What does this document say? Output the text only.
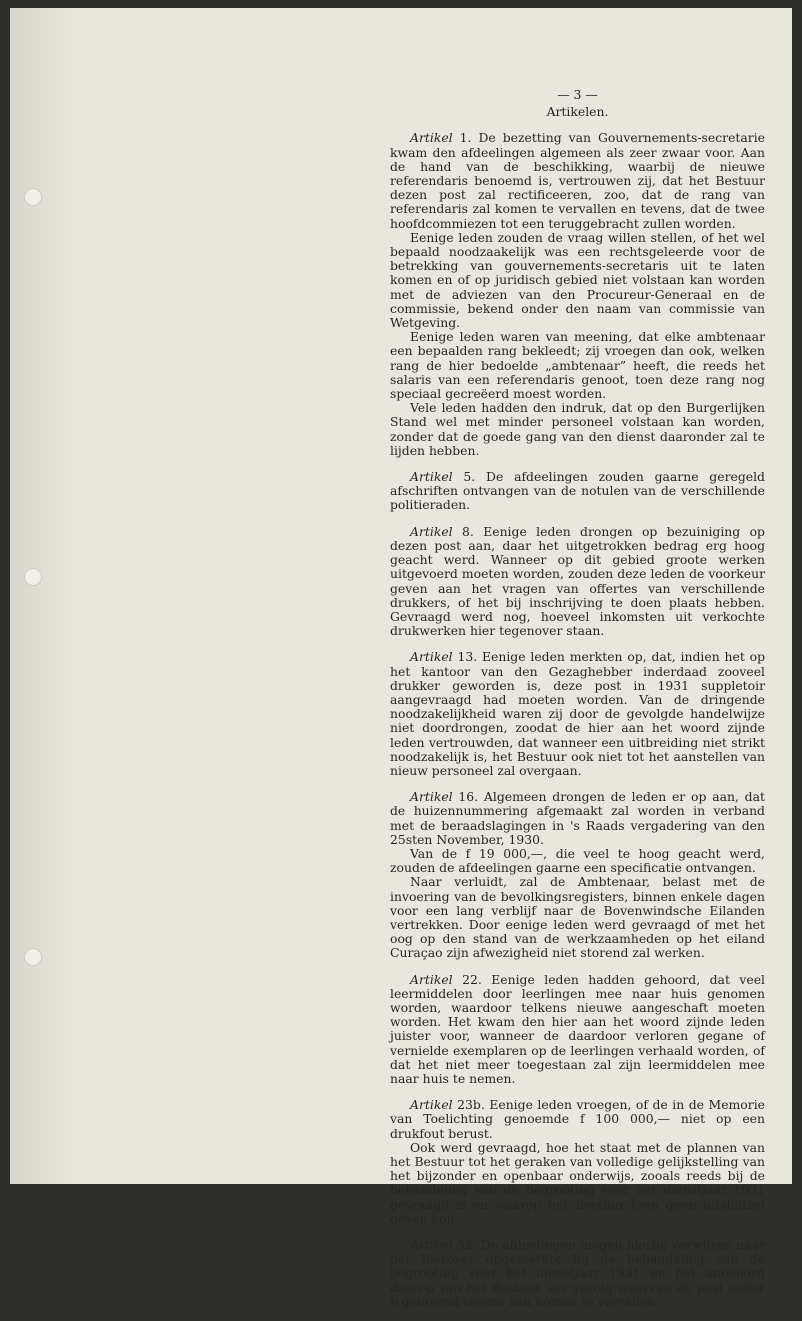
— 3 —
Artikelen.

Artikel 1. De bezetting van Gouvernements-secretarie kwam den afdeelingen algemeen als zeer zwaar voor. Aan de hand van de beschikking, waarbij de nieuwe referendaris benoemd is, vertrouwen zij, dat het Bestuur dezen post zal rectificeeren, zoo, dat de rang van referendaris zal komen te vervallen en tevens, dat de twee hoofdcommiezen tot een teruggebracht zullen worden.

Eenige leden zouden de vraag willen stellen, of het wel bepaald noodzaakelijk was een rechtsgeleerde voor de betrekking van gouvernements-secretaris uit te laten komen en of op juridisch gebied niet volstaan kan worden met de adviezen van den Procureur-Generaal en de commissie, bekend onder den naam van commissie van Wetgeving.

Eenige leden waren van meening, dat elke ambtenaar een bepaalden rang bekleedt; zij vroegen dan ook, welken rang de hier bedoelde „ambtenaar” heeft, die reeds het salaris van een referendaris genoot, toen deze rang nog speciaal gecreëerd moest worden.

Vele leden hadden den indruk, dat op den Burgerlijken Stand wel met minder personeel volstaan kan worden, zonder dat de goede gang van den dienst daaronder zal te lijden hebben.

Artikel 5. De afdeelingen zouden gaarne geregeld afschriften ontvangen van de notulen van de verschillende politieraden.

Artikel 8. Eenige leden drongen op bezuiniging op dezen post aan, daar het uitgetrokken bedrag erg hoog geacht werd. Wanneer op dit gebied groote werken uitgevoerd moeten worden, zouden deze leden de voorkeur geven aan het vragen van offertes van verschillende drukkers, of het bij inschrijving te doen plaats hebben. Gevraagd werd nog, hoeveel inkomsten uit verkochte drukwerken hier tegenover staan.

Artikel 13. Eenige leden merkten op, dat, indien het op het kantoor van den Gezaghebber inderdaad zooveel drukker geworden is, deze post in 1931 suppletoir aangevraagd had moeten worden. Van de dringende noodzakelijkheid waren zij door de gevolgde handelwijze niet doordrongen, zoodat de hier aan het woord zijnde leden vertrouwden, dat wanneer een uitbreiding niet strikt noodzakelijk is, het Bestuur ook niet tot het aanstellen van nieuw personeel zal overgaan.

Artikel 16. Algemeen drongen de leden er op aan, dat de huizennummering afgemaakt zal worden in verband met de beraadslagingen in 's Raads vergadering van den 25sten November, 1930.

Van de f 19 000,—, die veel te hoog geacht werd, zouden de afdeelingen gaarne een specificatie ontvangen.

Naar verluidt, zal de Ambtenaar, belast met de invoering van de bevolkingsregisters, binnen enkele dagen voor een lang verblijf naar de Bovenwindsche Eilanden vertrekken. Door eenige leden werd gevraagd of met het oog op den stand van de werkzaamheden op het eiland Curaçao zijn afwezigheid niet storend zal werken.

Artikel 22. Eenige leden hadden gehoord, dat veel leermiddelen door leerlingen mee naar huis genomen worden, waardoor telkens nieuwe aangeschaft moeten worden. Het kwam den hier aan het woord zijnde leden juister voor, wanneer de daardoor verloren gegane of vernielde exemplaren op de leerlingen verhaald worden, of dat het niet meer toegestaan zal zijn leermiddelen mee naar huis te nemen.

Artikel 23b. Eenige leden vroegen, of de in de Memorie van Toelichting genoemde f 100 000,— niet op een drukfout berust.

Ook werd gevraagd, hoe het staat met de plannen van het Bestuur tot het geraken van volledige gelijkstelling van het bijzonder en openbaar onderwijs, zooals reeds bij de behandeling van de begrooting voor het dienstjaar 1931 gevraagd is en waarop het Bestuur toen geen uitsluitsel geven kon.

Artikel 32. De afdeelingen mogen hierbij verwijzen naar het hierover opgemerkte bij de behandeling van de begrooting voor het dienstjaar 1931 en het antwoord daarop van het Bestuur, als gevolg waarvan de post onder b genoemd tevens kan komen te vervallen.
